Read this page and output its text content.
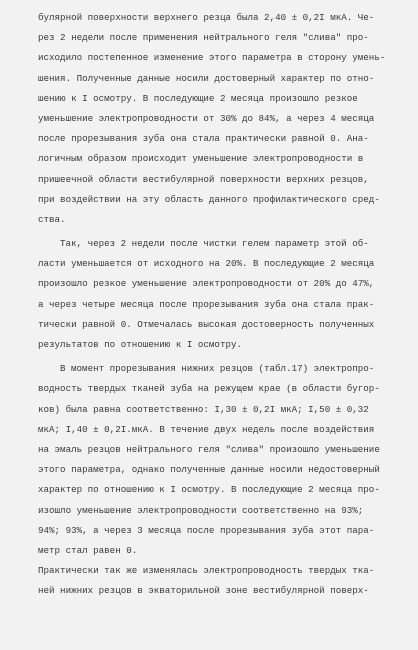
булярной поверхности верхнего резца была 2,40 ± 0,2I мкА. Че-
рез 2 недели после применения нейтрального геля "слива" про-
исходило постепенное изменение этого параметра в сторону умень-
шения. Полученные данные носили достоверный характер по отно-
шению к I осмотру. В последующие 2 месяца произошло резкое
уменьшение электропроводности от 30% до 84%, а через 4 месяца
после прорезывания зуба она стала практически равной 0. Ана-
логичным образом происходит уменьшение электропроводности в
пришеечной области вестибулярной поверхности верхних резцов,
при воздействии на эту область данного профилактического сред-
ства.
Так, через 2 недели после чистки гелем параметр этой об-
ласти уменьшается от исходного на 20%. В последующие 2 месяца
произошло резкое уменьшение электропроводности от 20% до 47%,
а через четыре месяца после прорезывания зуба она стала прак-
тически равной 0. Отмечалась высокая достоверность полученных
результатов по отношению к I осмотру.
В момент прорезывания нижних резцов (табл.17) электропро-
водность твердых тканей зуба на режущем крае (в области бугор-
ков) была равна соответственно: I,30 ± 0,2I мкА; I,50 ± 0,32
мкА; I,40 ± 0,2I.мкА. В течение двух недель после воздействия
на эмаль резцов нейтрального геля "слива" произошло уменьшение
этого параметра, однако полученные данные носили недостоверный
характер по отношению к I осмотру. В последующие 2 месяца про-
изошло уменьшение электропроводности соответственно на 93%;
94%; 93%, а через 3 месяца после прорезывания зуба этот пара-
метр стал равен 0.
Практически так же изменялась электропроводность твердых тка-
ней нижних резцов в экваторильной зоне вестибулярной поверх-
